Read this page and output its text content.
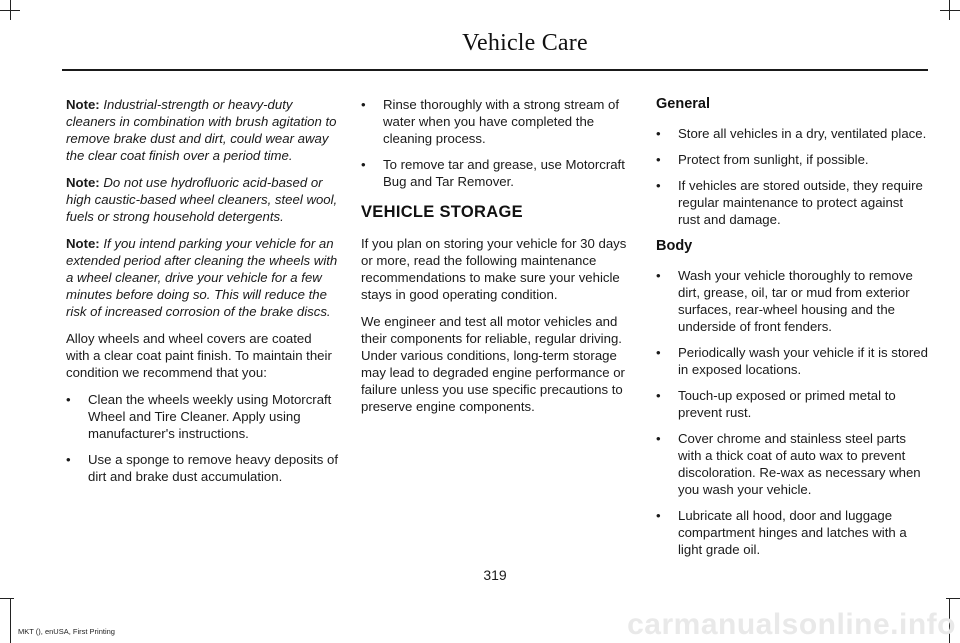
Vehicle Care

Note: Industrial-strength or heavy-duty cleaners in combination with brush agitation to remove brake dust and dirt, could wear away the clear coat finish over a period time.

Note: Do not use hydrofluoric acid-based or high caustic-based wheel cleaners, steel wool, fuels or strong household detergents.

Note: If you intend parking your vehicle for an extended period after cleaning the wheels with a wheel cleaner, drive your vehicle for a few minutes before doing so. This will reduce the risk of increased corrosion of the brake discs.

Alloy wheels and wheel covers are coated with a clear coat paint finish. To maintain their condition we recommend that you:

• Clean the wheels weekly using Motorcraft Wheel and Tire Cleaner. Apply using manufacturer's instructions.
• Use a sponge to remove heavy deposits of dirt and brake dust accumulation.
• Rinse thoroughly with a strong stream of water when you have completed the cleaning process.
• To remove tar and grease, use Motorcraft Bug and Tar Remover.
VEHICLE STORAGE

If you plan on storing your vehicle for 30 days or more, read the following maintenance recommendations to make sure your vehicle stays in good operating condition.

We engineer and test all motor vehicles and their components for reliable, regular driving. Under various conditions, long-term storage may lead to degraded engine performance or failure unless you use specific precautions to preserve engine components.

General
• Store all vehicles in a dry, ventilated place.
• Protect from sunlight, if possible.
• If vehicles are stored outside, they require regular maintenance to protect against rust and damage.
Body
• Wash your vehicle thoroughly to remove dirt, grease, oil, tar or mud from exterior surfaces, rear-wheel housing and the underside of front fenders.
• Periodically wash your vehicle if it is stored in exposed locations.
• Touch-up exposed or primed metal to prevent rust.
• Cover chrome and stainless steel parts with a thick coat of auto wax to prevent discoloration. Re-wax as necessary when you wash your vehicle.
• Lubricate all hood, door and luggage compartment hinges and latches with a light grade oil.
319
MKT (), enUSA, First Printing	carmanualsonline.info
